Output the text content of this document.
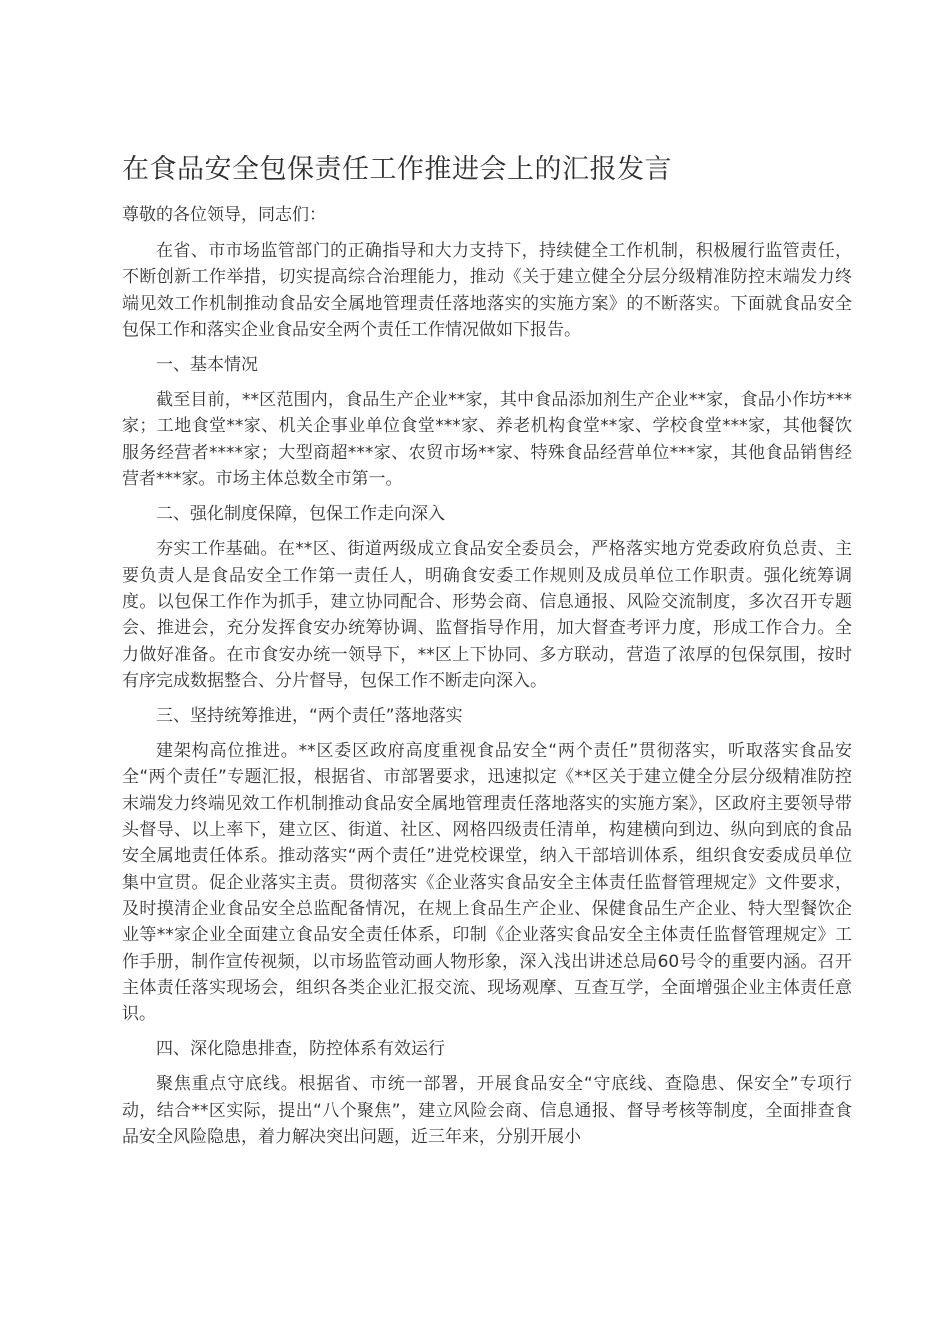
在食品安全包保责任工作推进会上的汇报发言

尊敬的各位领导，同志们：

在省、市市场监管部门的正确指导和大力支持下，持续健全工作机制，积极履行监管责任，不断创新工作举措，切实提高综合治理能力，推动《关于建立健全分层分级精准防控末端发力终端见效工作机制推动食品安全属地管理责任落地落实的实施方案》的不断落实。下面就食品安全包保工作和落实企业食品安全两个责任工作情况做如下报告。

一、基本情况

截至目前，**区范围内，食品生产企业**家，其中食品添加剂生产企业**家，食品小作坊***家；工地食堂**家、机关企事业单位食堂***家、养老机构食堂**家、学校食堂***家，其他餐饮服务经营者****家；大型商超***家、农贸市场**家、特殊食品经营单位***家，其他食品销售经营者***家。市场主体总数全市第一。

二、强化制度保障，包保工作走向深入

夯实工作基础。在**区、街道两级成立食品安全委员会，严格落实地方党委政府负总责、主要负责人是食品安全工作第一责任人，明确食安委工作规则及成员单位工作职责。强化统筹调度。以包保工作作为抓手，建立协同配合、形势会商、信息通报、风险交流制度，多次召开专题会、推进会，充分发挥食安办统筹协调、监督指导作用，加大督查考评力度，形成工作合力。全力做好准备。在市食安办统一领导下，**区上下协同、多方联动，营造了浓厚的包保氛围，按时有序完成数据整合、分片督导，包保工作不断走向深入。

三、坚持统筹推进，“两个责任”落地落实

建架构高位推进。**区委区政府高度重视食品安全“两个责任”贯彻落实，听取落实食品安全“两个责任”专题汇报，根据省、市部署要求，迅速拟定《**区关于建立健全分层分级精准防控末端发力终端见效工作机制推动食品安全属地管理责任落地落实的实施方案》，区政府主要领导带头督导、以上率下，建立区、街道、社区、网格四级责任清单，构建横向到边、纵向到底的食品安全属地责任体系。推动落实“两个责任”进党校课堂，纳入干部培训体系，组织食安委成员单位集中宣贯。促企业落实主责。贯彻落实《企业落实食品安全主体责任监督管理规定》文件要求，及时摸清企业食品安全总监配备情况，在规上食品生产企业、保健食品生产企业、特大型餐饮企业等**家企业全面建立食品安全责任体系，印制《企业落实食品安全主体责任监督管理规定》工作手册，制作宣传视频，以市场监管动画人物形象，深入浅出讲述总局60号令的重要内涵。召开主体责任落实现场会，组织各类企业汇报交流、现场观摩、互查互学，全面增强企业主体责任意识。

四、深化隐患排查，防控体系有效运行

聚焦重点守底线。根据省、市统一部署，开展食品安全“守底线、查隐患、保安全”专项行动，结合**区实际，提出“八个聚焦”，建立风险会商、信息通报、督导考核等制度，全面排查食品安全风险隐患，着力解决突出问题，近三年来，分别开展小
